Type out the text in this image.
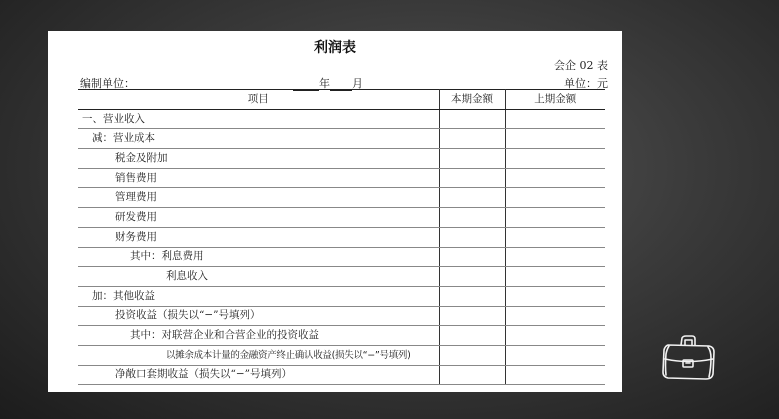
利润表
会企 02 表
编制单位：	年 月	单位：元
项目	本期金额	上期金额
一、营业收入		
减：营业成本		
税金及附加		
销售费用		
管理费用		
研发费用		
财务费用		
其中：利息费用		
利息收入		
加：其他收益		
投资收益（损失以“−”号填列）		
其中：对联营企业和合营企业的投资收益		
以摊余成本计量的金融资产终止确认收益(损失以“−”号填列)		
净敞口套期收益（损失以“−”号填列）		
